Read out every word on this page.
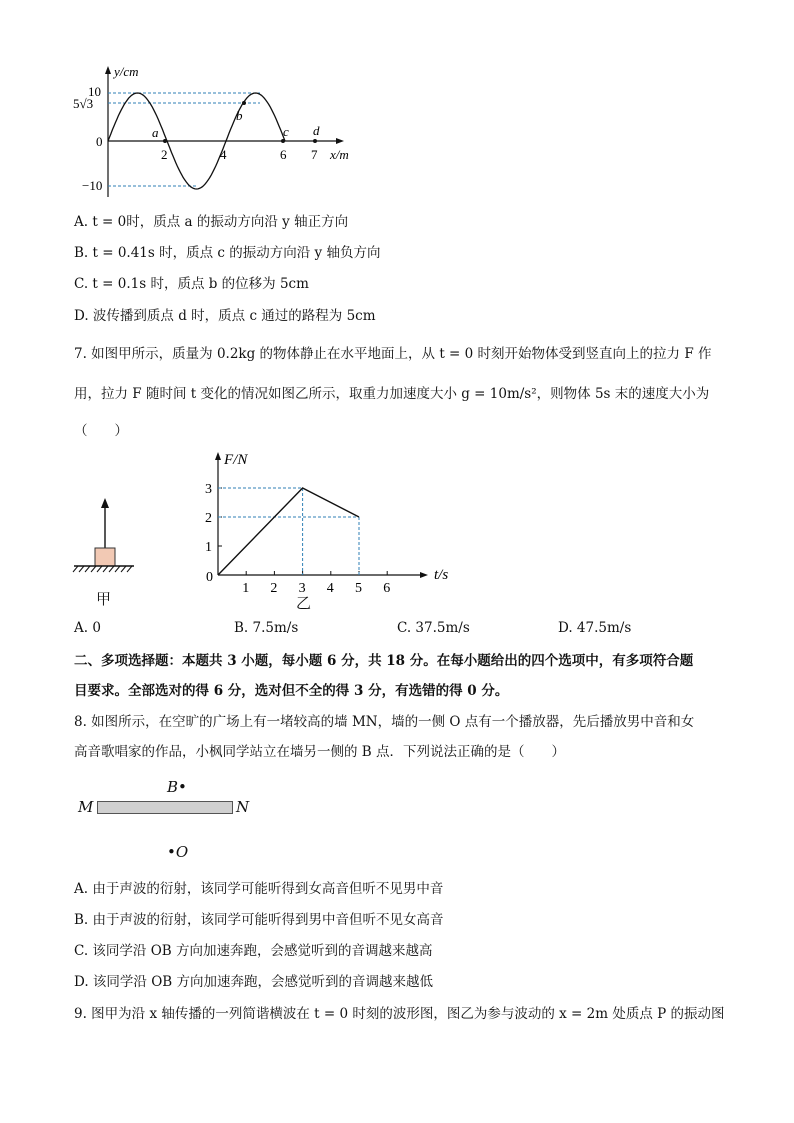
y/cm
10
5√3
0
−10
2	4	6 7
a
b
c d
x/m
A. t = 0时，质点 a 的振动方向沿 y 轴正方向
B. t = 0.41s 时，质点 c 的振动方向沿 y 轴负方向
C. t = 0.1s 时，质点 b 的位移为 5cm
D. 波传播到质点 d 时，质点 c 通过的路程为 5cm
7. 如图甲所示，质量为 0.2kg 的物体静止在水平地面上，从 t = 0 时刻开始物体受到竖直向上的拉力 F 作
用，拉力 F 随时间 t 变化的情况如图乙所示，取重力加速度大小 g = 10m/s²，则物体 5s 末的速度大小为
（　　）
甲
1 2 3 4 5 6
3
2
1
F/N
t/s
0
乙
A. 0	B. 7.5m/s	C. 37.5m/s	D. 47.5m/s
二、多项选择题：本题共 3 小题，每小题 6 分，共 18 分。在每小题给出的四个选项中，有多项符合题
目要求。全部选对的得 6 分，选对但不全的得 3 分，有选错的得 0 分。
8. 如图所示，在空旷的广场上有一堵较高的墙 MN，墙的一侧 O 点有一个播放器，先后播放男中音和女
高音歌唱家的作品，小枫同学站立在墙另一侧的 B 点．下列说法正确的是（　　）
M	N
B•
•O
A. 由于声波的衍射，该同学可能听得到女高音但听不见男中音
B. 由于声波的衍射，该同学可能听得到男中音但听不见女高音
C. 该同学沿 OB 方向加速奔跑，会感觉听到的音调越来越高
D. 该同学沿 OB 方向加速奔跑，会感觉听到的音调越来越低
9. 图甲为沿 x 轴传播的一列简谐横波在 t = 0 时刻的波形图，图乙为参与波动的 x = 2m 处质点 P 的振动图
